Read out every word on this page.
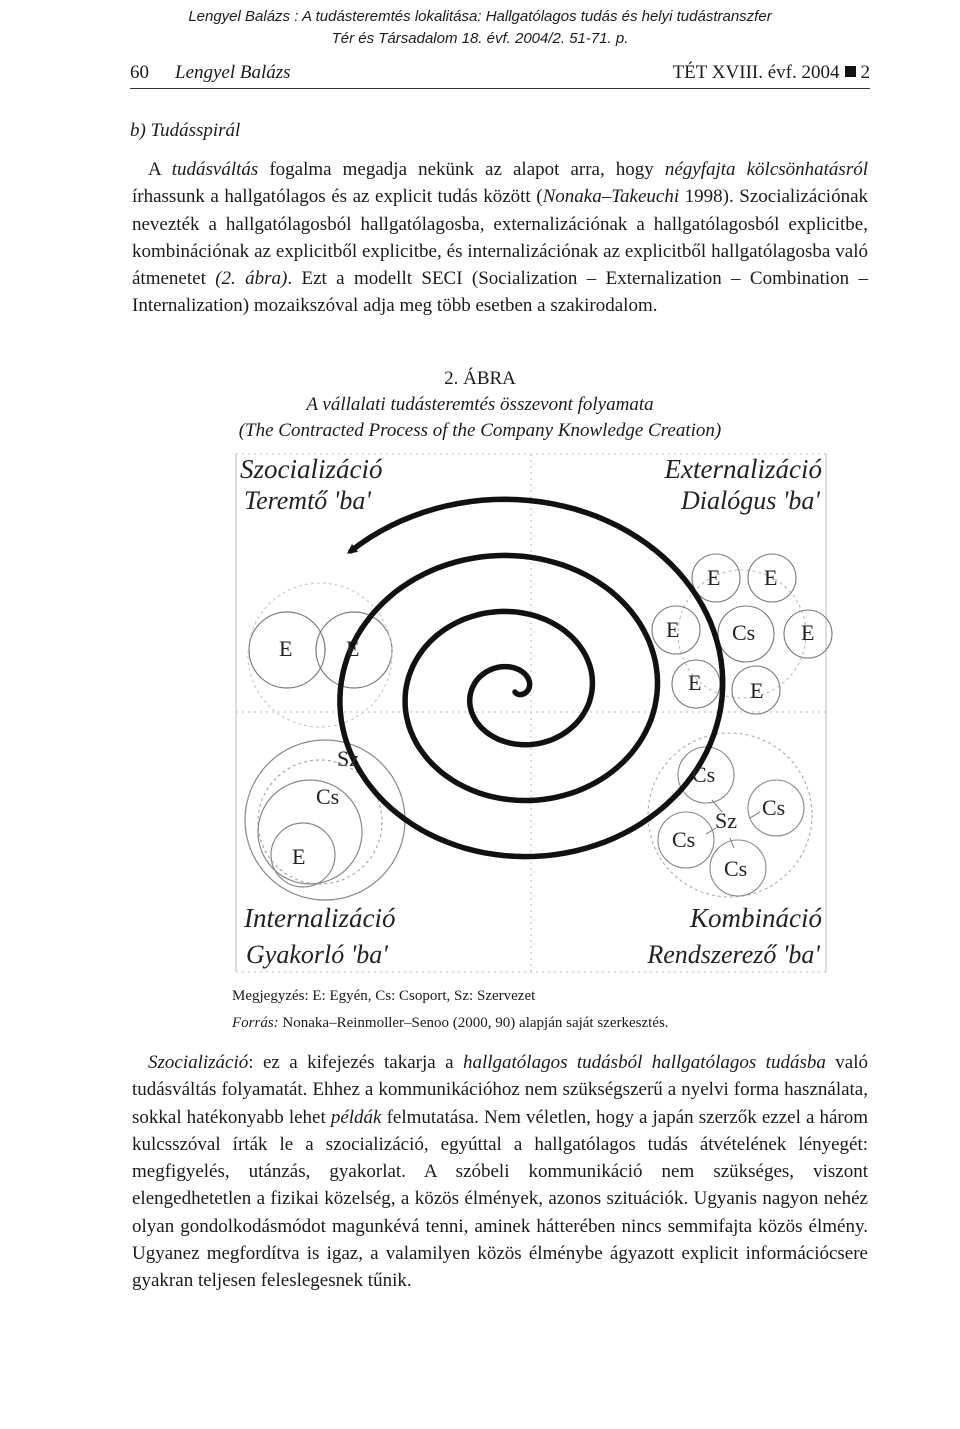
Lengyel Balázs : A tudásteremtés lokalitása: Hallgatólagos tudás és helyi tudástranszfer
Tér és Társadalom 18. évf. 2004/2. 51-71. p.
60 Lengyel Balázs	TÉT XVIII. évf. 2004 2
b) Tudásspirál

A tudásváltás fogalma megadja nekünk az alapot arra, hogy négyfajta kölcsönhatásról írhassunk a hallgatólagos és az explicit tudás között (Nonaka–Takeuchi 1998). Szocializációnak nevezték a hallgatólagosból hallgatólagosba, externalizációnak a hallgatólagosból explicitbe, kombinációnak az explicitből explicitbe, és internalizációnak az explicitből hallgatólagosba való átmenetet (2. ábra). Ezt a modellt SECI (Socialization – Externalization – Combination – Internalization) mozaikszóval adja meg több esetben a szakirodalom.

2. ÁBRA
A vállalati tudásteremtés összevont folyamata
(The Contracted Process of the Company Knowledge Creation)
E E
E E
E Cs E
E E
Sz
Cs
E
Cs
Cs
Sz
Cs
Cs
Szocializáció
Teremtő 'ba'
Externalizáció
Dialógus 'ba'
Internalizáció
Gyakorló 'ba'
Kombináció
Rendszerező 'ba'
Megjegyzés: E: Egyén, Cs: Csoport, Sz: Szervezet
Forrás: Nonaka–Reinmoller–Senoo (2000, 90) alapján saját szerkesztés.

Szocializáció: ez a kifejezés takarja a hallgatólagos tudásból hallgatólagos tudásba való tudásváltás folyamatát. Ehhez a kommunikációhoz nem szükségszerű a nyelvi forma használata, sokkal hatékonyabb lehet példák felmutatása. Nem véletlen, hogy a japán szerzők ezzel a három kulcsszóval írták le a szocializáció, egyúttal a hallgatólagos tudás átvételének lényegét: megfigyelés, utánzás, gyakorlat. A szóbeli kommunikáció nem szükséges, viszont elengedhetetlen a fizikai közelség, a közös élmények, azonos szituációk. Ugyanis nagyon nehéz olyan gondolkodásmódot magunkévá tenni, aminek hátterében nincs semmifajta közös élmény. Ugyanez megfordítva is igaz, a valamilyen közös élménybe ágyazott explicit információcsere gyakran teljesen feleslegesnek tűnik.
